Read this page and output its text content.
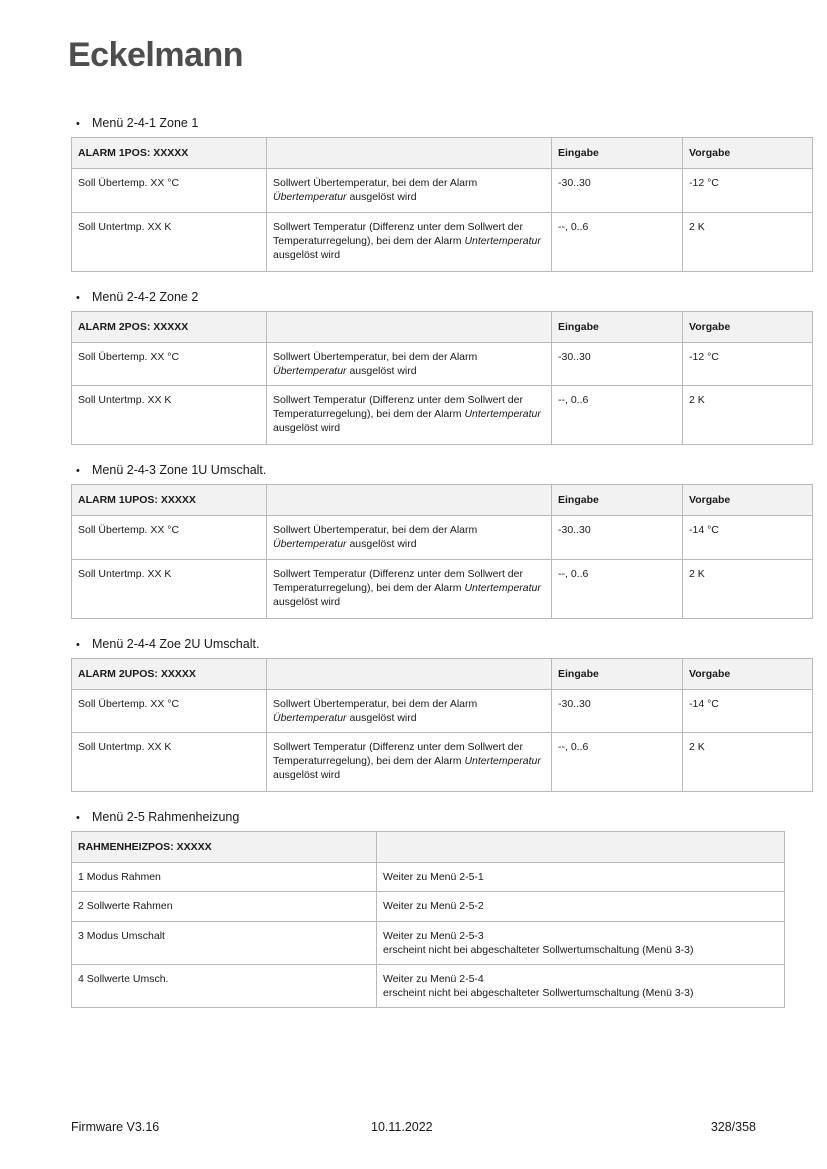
Eckelmann
• Menü 2-4-1 Zone 1
ALARM 1POS: XXXXX		Eingabe	Vorgabe
Soll Übertemp. XX °C	Sollwert Übertemperatur, bei dem der Alarm Übertemperatur ausgelöst wird	-30..30	-12 °C
Soll Untertmp. XX K	Sollwert Temperatur (Differenz unter dem Sollwert der Temperaturregelung), bei dem der Alarm Untertemperatur ausgelöst wird	--, 0..6	2 K
• Menü 2-4-2 Zone 2
ALARM 2POS: XXXXX		Eingabe	Vorgabe
Soll Übertemp. XX °C	Sollwert Übertemperatur, bei dem der Alarm Übertemperatur ausgelöst wird	-30..30	-12 °C
Soll Untertmp. XX K	Sollwert Temperatur (Differenz unter dem Sollwert der Temperaturregelung), bei dem der Alarm Untertemperatur ausgelöst wird	--, 0..6	2 K
• Menü 2-4-3 Zone 1U Umschalt.
ALARM 1UPOS: XXXXX		Eingabe	Vorgabe
Soll Übertemp. XX °C	Sollwert Übertemperatur, bei dem der Alarm Übertemperatur ausgelöst wird	-30..30	-14 °C
Soll Untertmp. XX K	Sollwert Temperatur (Differenz unter dem Sollwert der Temperaturregelung), bei dem der Alarm Untertemperatur ausgelöst wird	--, 0..6	2 K
• Menü 2-4-4 Zoe 2U Umschalt.
ALARM 2UPOS: XXXXX		Eingabe	Vorgabe
Soll Übertemp. XX °C	Sollwert Übertemperatur, bei dem der Alarm Übertemperatur ausgelöst wird	-30..30	-14 °C
Soll Untertmp. XX K	Sollwert Temperatur (Differenz unter dem Sollwert der Temperaturregelung), bei dem der Alarm Untertemperatur ausgelöst wird	--, 0..6	2 K
• Menü 2-5 Rahmenheizung
RAHMENHEIZPOS: XXXXX	
1 Modus Rahmen	Weiter zu Menü 2-5-1
2 Sollwerte Rahmen	Weiter zu Menü 2-5-2
3 Modus Umschalt	Weiter zu Menü 2-5-3
erscheint nicht bei abgeschalteter Sollwertumschaltung (Menü 3-3)
4 Sollwerte Umsch.	Weiter zu Menü 2-5-4
erscheint nicht bei abgeschalteter Sollwertumschaltung (Menü 3-3)
Firmware V3.16	10.11.2022	328/358
